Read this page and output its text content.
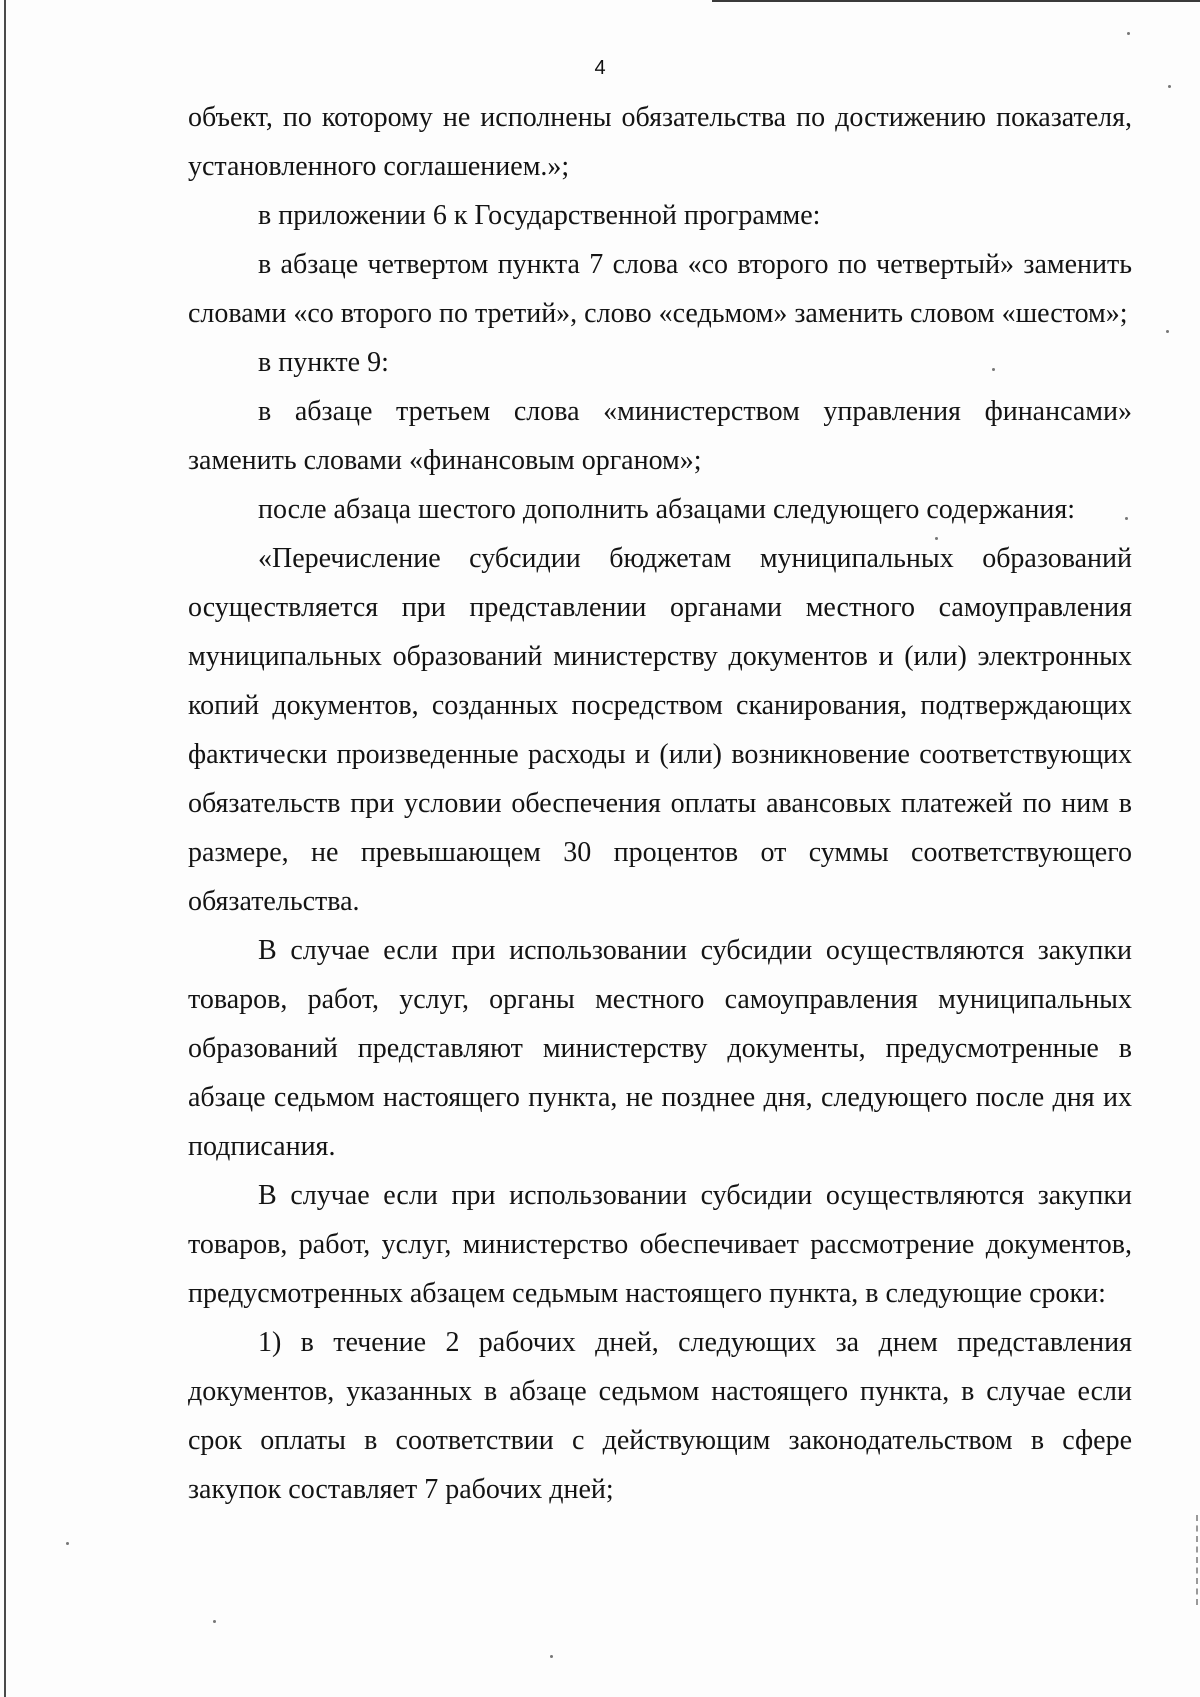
4

объект, по которому не исполнены обязательства по достижению показателя, установленного соглашением.»;

в приложении 6 к Государственной программе:

в абзаце четвертом пункта 7 слова «со второго по четвертый» заменить словами «со второго по третий», слово «седьмом» заменить словом «шестом»;

в пункте 9:

в абзаце третьем слова «министерством управления финансами» заменить словами «финансовым органом»;

после абзаца шестого дополнить абзацами следующего содержания:

«Перечисление субсидии бюджетам муниципальных образований осуществляется при представлении органами местного самоуправления муниципальных образований министерству документов и (или) электронных копий документов, созданных посредством сканирования, подтверждающих фактически произведенные расходы и (или) возникновение соответствующих обязательств при условии обеспечения оплаты авансовых платежей по ним в размере, не превышающем 30 процентов от суммы соответствующего обязательства.

В случае если при использовании субсидии осуществляются закупки товаров, работ, услуг, органы местного самоуправления муниципальных образований представляют министерству документы, предусмотренные в абзаце седьмом настоящего пункта, не позднее дня, следующего после дня их подписания.

В случае если при использовании субсидии осуществляются закупки товаров, работ, услуг, министерство обеспечивает рассмотрение документов, предусмотренных абзацем седьмым настоящего пункта, в следующие сроки:

1) в течение 2 рабочих дней, следующих за днем представления документов, указанных в абзаце седьмом настоящего пункта, в случае если срок оплаты в соответствии с действующим законодательством в сфере закупок составляет 7 рабочих дней;
